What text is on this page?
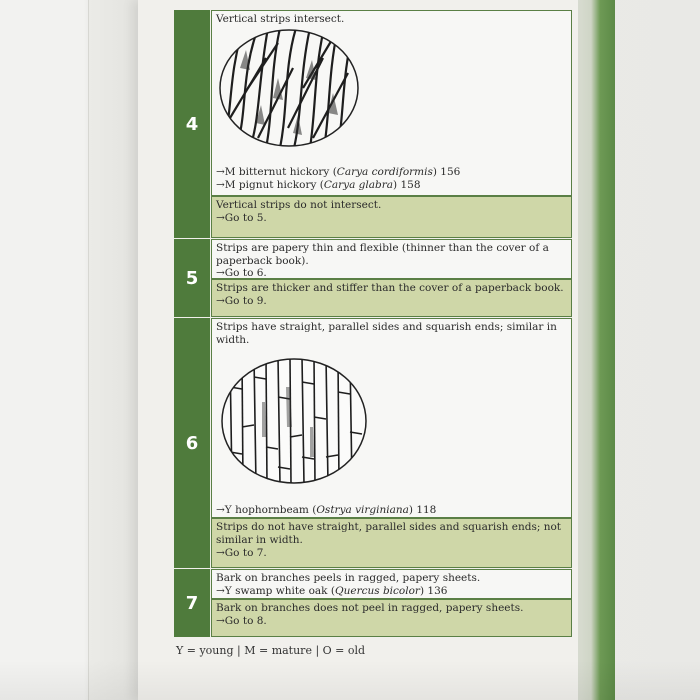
4
Vertical strips intersect.
→M bitternut hickory (Carya cordiformis) 156
→M pignut hickory (Carya glabra) 158
Vertical strips do not intersect.
→Go to 5.
5
Strips are papery thin and flexible (thinner than the cover of a
paperback book).
→Go to 6.
Strips are thicker and stiffer than the cover of a paperback book.
→Go to 9.
6
Strips have straight, parallel sides and squarish ends; similar in
width.
→Y hophornbeam (Ostrya virginiana) 118
Strips do not have straight, parallel sides and squarish ends; not
similar in width.
→Go to 7.
7
Bark on branches peels in ragged, papery sheets.
→Y swamp white oak (Quercus bicolor) 136
Bark on branches does not peel in ragged, papery sheets.
→Go to 8.
Y = young | M = mature | O = old
